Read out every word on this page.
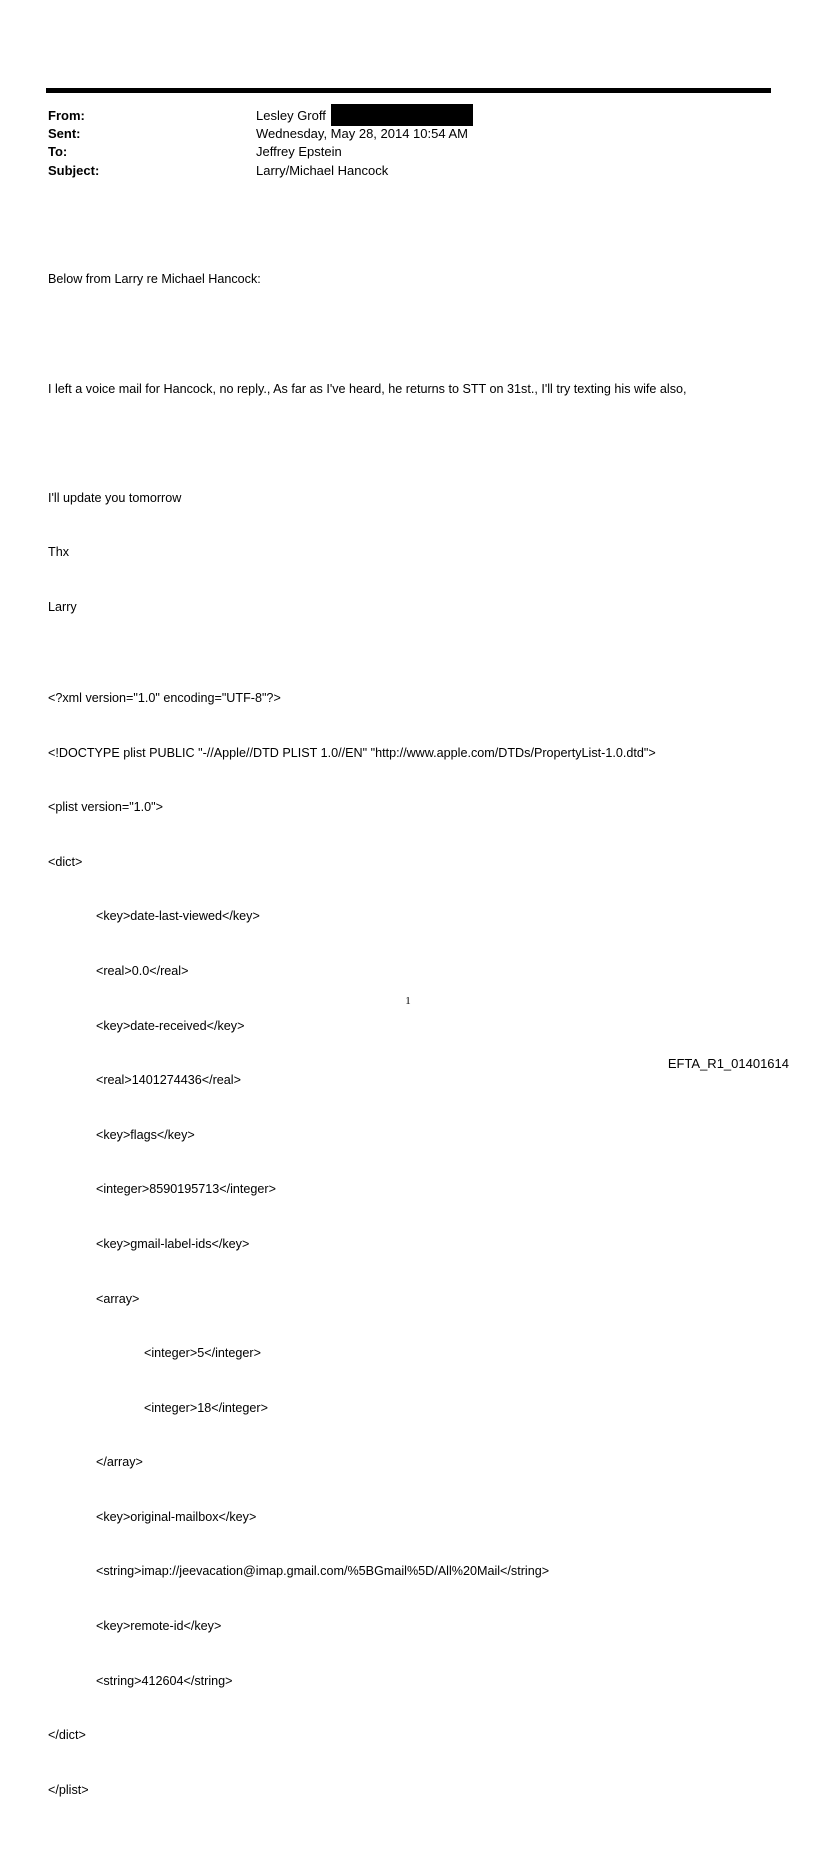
From:	Lesley Groff
Sent:	Wednesday, May 28, 2014 10:54 AM
To:	Jeffrey Epstein
Subject:	Larry/Michael Hancock

Below from Larry re Michael Hancock:

I left a voice mail for Hancock, no reply., As far as I've heard, he returns to STT on 31st., I'll try texting his wife also,

I'll update you tomorrow

Thx

Larry

<?xml version="1.0" encoding="UTF-8"?>

<!DOCTYPE plist PUBLIC "-//Apple//DTD PLIST 1.0//EN" "http://www.apple.com/DTDs/PropertyList-1.0.dtd">

<plist version="1.0">

<dict>

<key>date-last-viewed</key>

<real>0.0</real>

<key>date-received</key>

<real>1401274436</real>

<key>flags</key>

<integer>8590195713</integer>

<key>gmail-label-ids</key>

<array>

<integer>5</integer>

<integer>18</integer>

</array>

<key>original-mailbox</key>

<string>imap://jeevacation@imap.gmail.com/%5BGmail%5D/All%20Mail</string>

<key>remote-id</key>

<string>412604</string>

</dict>

</plist>

1
EFTA_R1_01401614
